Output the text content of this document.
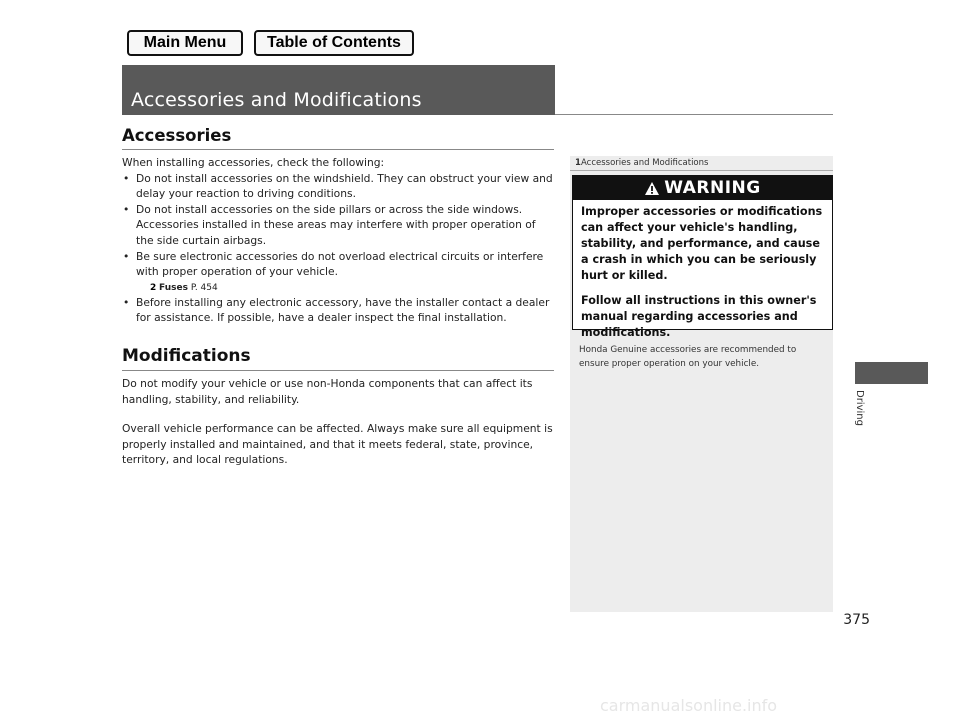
Main Menu	Table of Contents
Accessories and Modifications
Accessories

When installing accessories, check the following:

• Do not install accessories on the windshield. They can obstruct your view and delay your reaction to driving conditions.
• Do not install accessories on the side pillars or across the side windows. Accessories installed in these areas may interfere with proper operation of the side curtain airbags.
• Be sure electronic accessories do not overload electrical circuits or interfere with proper operation of your vehicle.
2 Fuses P. 454
• Before installing any electronic accessory, have the installer contact a dealer for assistance. If possible, have a dealer inspect the final installation.
Modifications

Do not modify your vehicle or use non-Honda components that can affect its handling, stability, and reliability.

Overall vehicle performance can be affected. Always make sure all equipment is properly installed and maintained, and that it meets federal, state, province, territory, and local regulations.

1Accessories and Modifications
WARNING

Improper accessories or modifications can affect your vehicle's handling, stability, and performance, and cause a crash in which you can be seriously hurt or killed.

Follow all instructions in this owner's manual regarding accessories and modifications.

Honda Genuine accessories are recommended to ensure proper operation on your vehicle.
Driving
375
carmanualsonline.info
